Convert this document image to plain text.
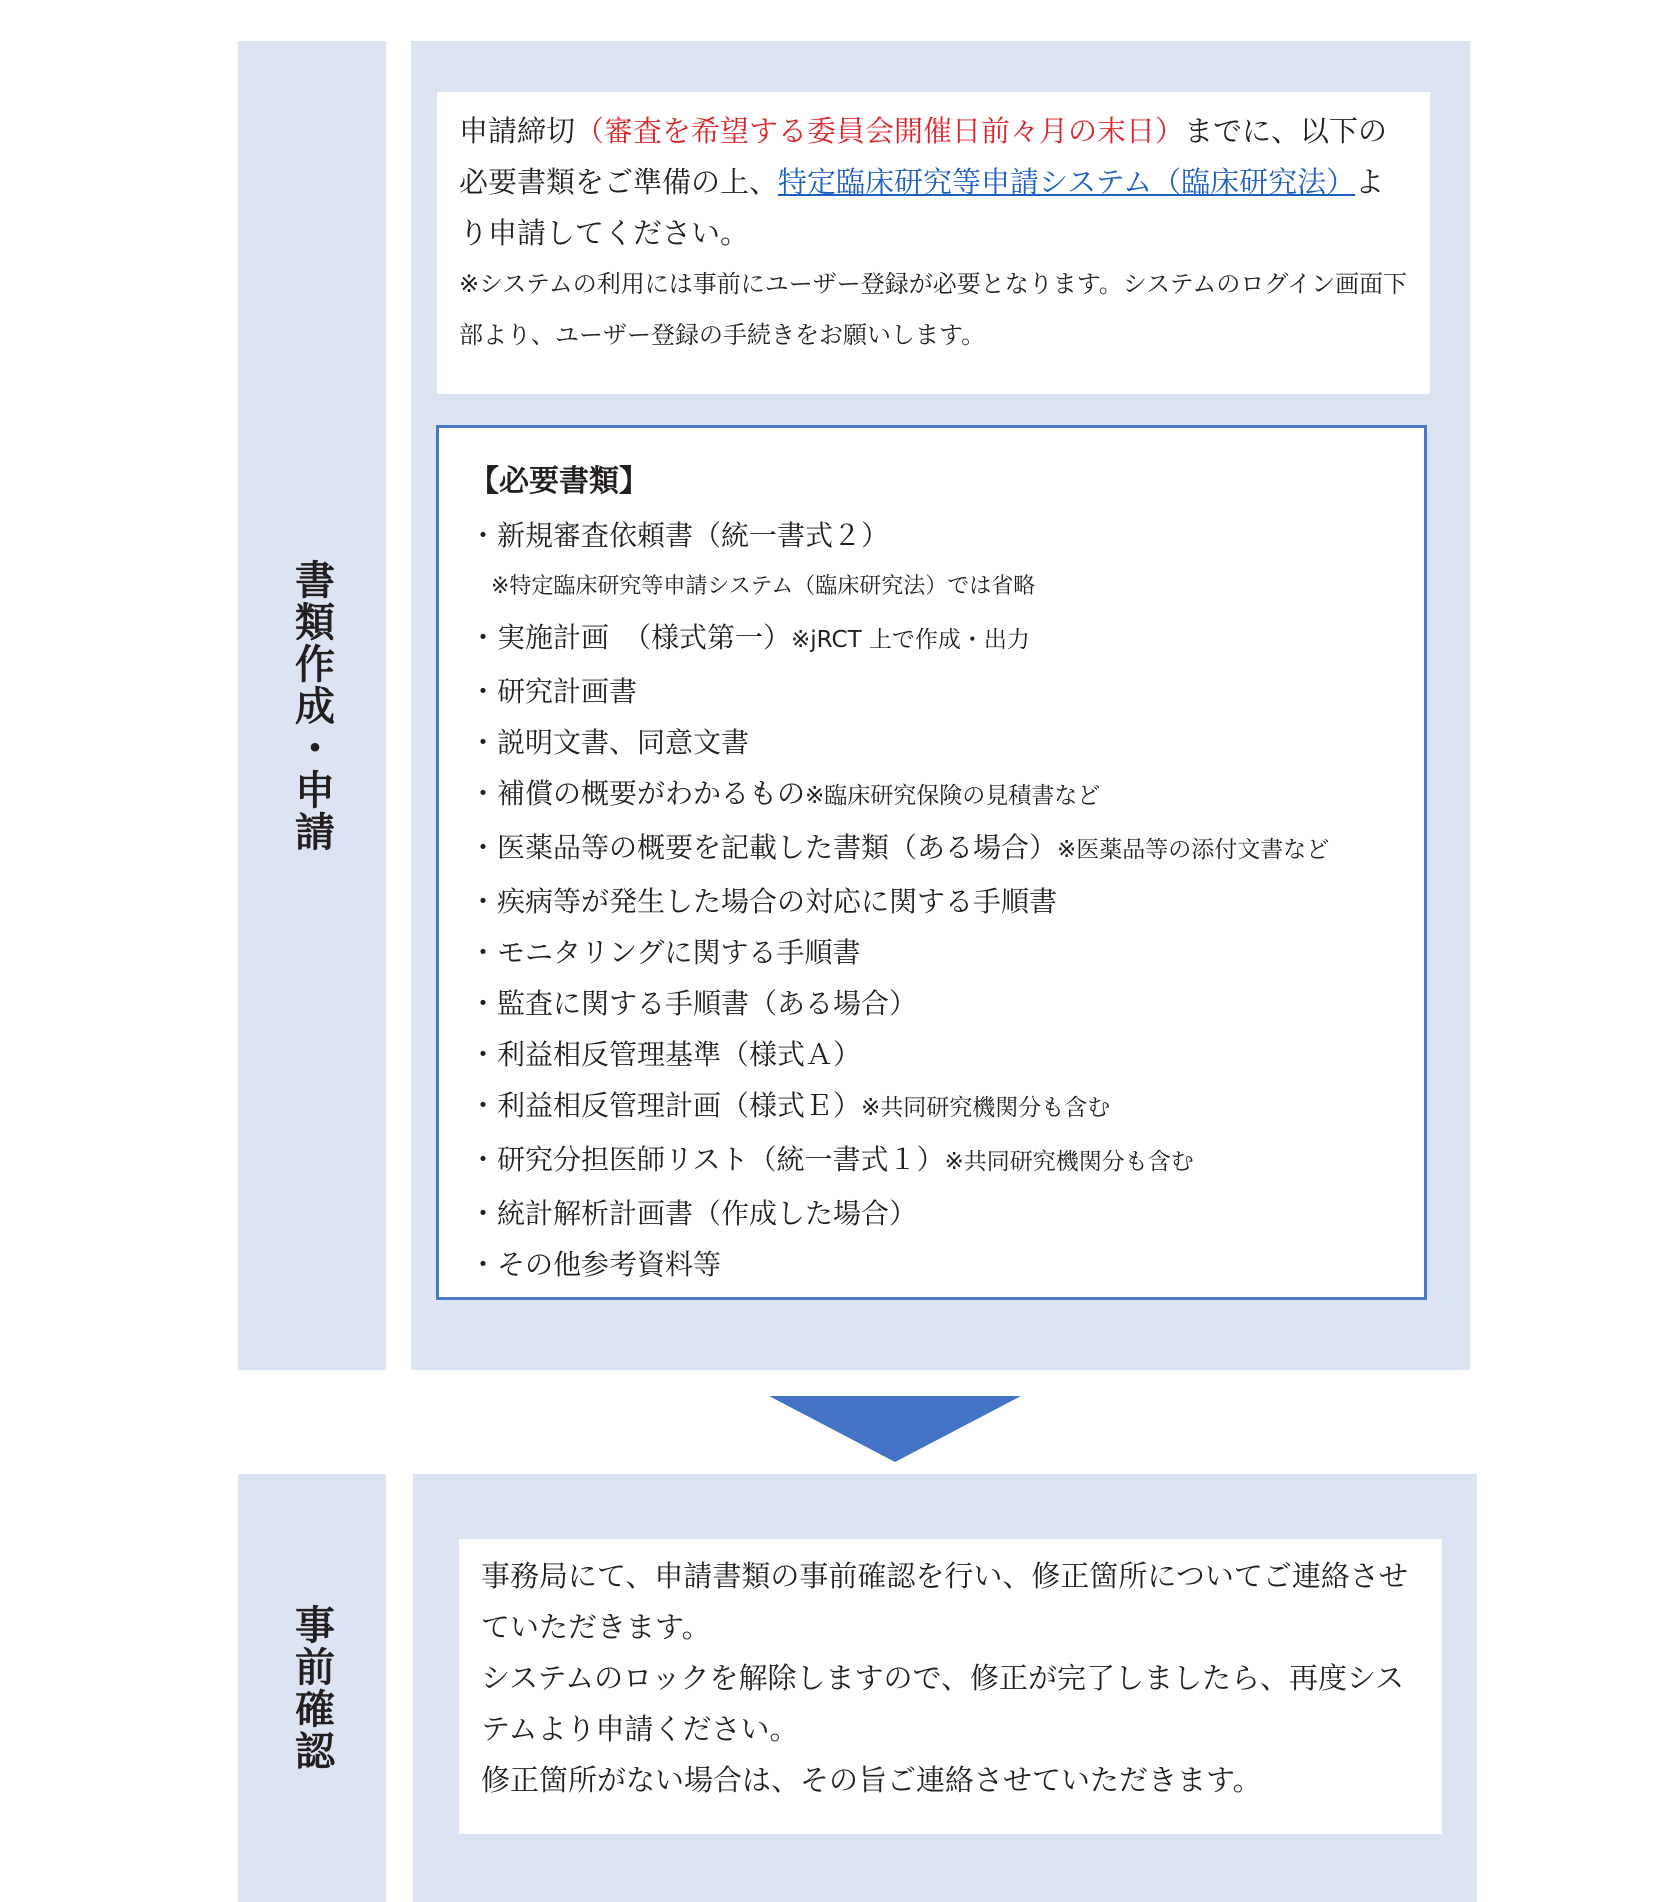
書類作成・申請

申請締切（審査を希望する委員会開催日前々月の末日）までに、以下の必要書類をご準備の上、特定臨床研究等申請システム（臨床研究法）より申請してください。

※システムの利用には事前にユーザー登録が必要となります。システムのログイン画面下部より、ユーザー登録の手続きをお願いします。

【必要書類】
・新規審査依頼書（統一書式２）
※特定臨床研究等申請システム（臨床研究法）では省略
・実施計画　（様式第一）※jRCT 上で作成・出力
・研究計画書
・説明文書、同意文書
・補償の概要がわかるもの※臨床研究保険の見積書など
・医薬品等の概要を記載した書類（ある場合）※医薬品等の添付文書など
・疾病等が発生した場合の対応に関する手順書
・モニタリングに関する手順書
・監査に関する手順書（ある場合）
・利益相反管理基準（様式Ａ）
・利益相反管理計画（様式Ｅ）※共同研究機関分も含む
・研究分担医師リスト（統一書式１）※共同研究機関分も含む
・統計解析計画書（作成した場合）
・その他参考資料等
事前確認

事務局にて、申請書類の事前確認を行い、修正箇所についてご連絡させていただきます。

システムのロックを解除しますので、修正が完了しましたら、再度システムより申請ください。

修正箇所がない場合は、その旨ご連絡させていただきます。
